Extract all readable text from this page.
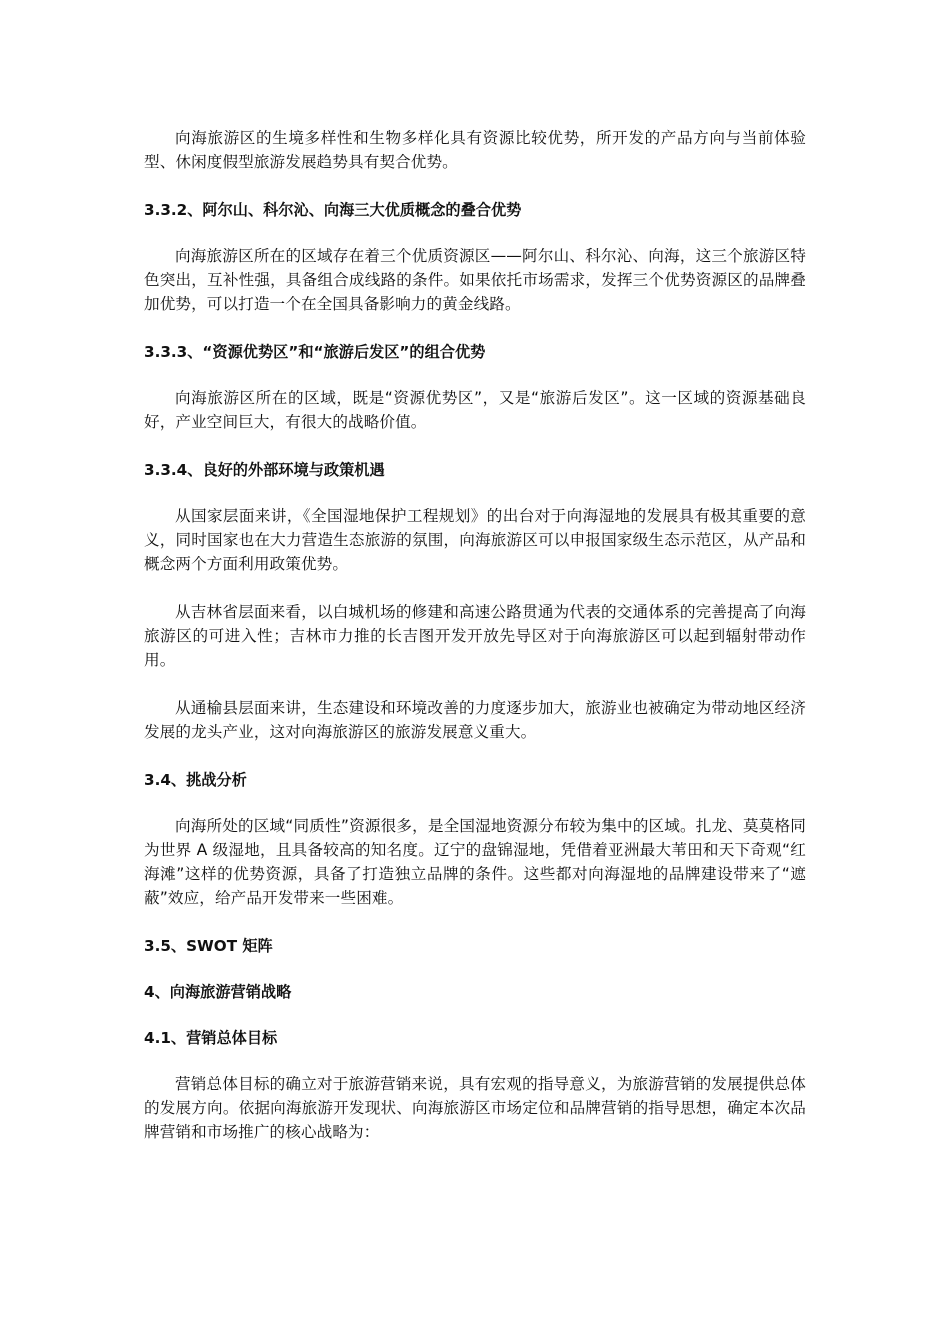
向海旅游区的生境多样性和生物多样化具有资源比较优势，所开发的产品方向与当前体验型、休闲度假型旅游发展趋势具有契合优势。

3.3.2、阿尔山、科尔沁、向海三大优质概念的叠合优势

向海旅游区所在的区域存在着三个优质资源区——阿尔山、科尔沁、向海，这三个旅游区特色突出，互补性强，具备组合成线路的条件。如果依托市场需求，发挥三个优势资源区的品牌叠加优势，可以打造一个在全国具备影响力的黄金线路。

3.3.3、“资源优势区”和“旅游后发区”的组合优势

向海旅游区所在的区域，既是“资源优势区”，又是“旅游后发区”。这一区域的资源基础良好，产业空间巨大，有很大的战略价值。

3.3.4、良好的外部环境与政策机遇

从国家层面来讲，《全国湿地保护工程规划》的出台对于向海湿地的发展具有极其重要的意义，同时国家也在大力营造生态旅游的氛围，向海旅游区可以申报国家级生态示范区，从产品和概念两个方面利用政策优势。

从吉林省层面来看，以白城机场的修建和高速公路贯通为代表的交通体系的完善提高了向海旅游区的可进入性；吉林市力推的长吉图开发开放先导区对于向海旅游区可以起到辐射带动作用。

从通榆县层面来讲，生态建设和环境改善的力度逐步加大，旅游业也被确定为带动地区经济发展的龙头产业，这对向海旅游区的旅游发展意义重大。

3.4、挑战分析

向海所处的区域“同质性”资源很多，是全国湿地资源分布较为集中的区域。扎龙、莫莫格同为世界 A 级湿地，且具备较高的知名度。辽宁的盘锦湿地，凭借着亚洲最大苇田和天下奇观“红海滩”这样的优势资源，具备了打造独立品牌的条件。这些都对向海湿地的品牌建设带来了“遮蔽”效应，给产品开发带来一些困难。

3.5、SWOT 矩阵
4、向海旅游营销战略
4.1、营销总体目标

营销总体目标的确立对于旅游营销来说，具有宏观的指导意义，为旅游营销的发展提供总体的发展方向。依据向海旅游开发现状、向海旅游区市场定位和品牌营销的指导思想，确定本次品牌营销和市场推广的核心战略为：
